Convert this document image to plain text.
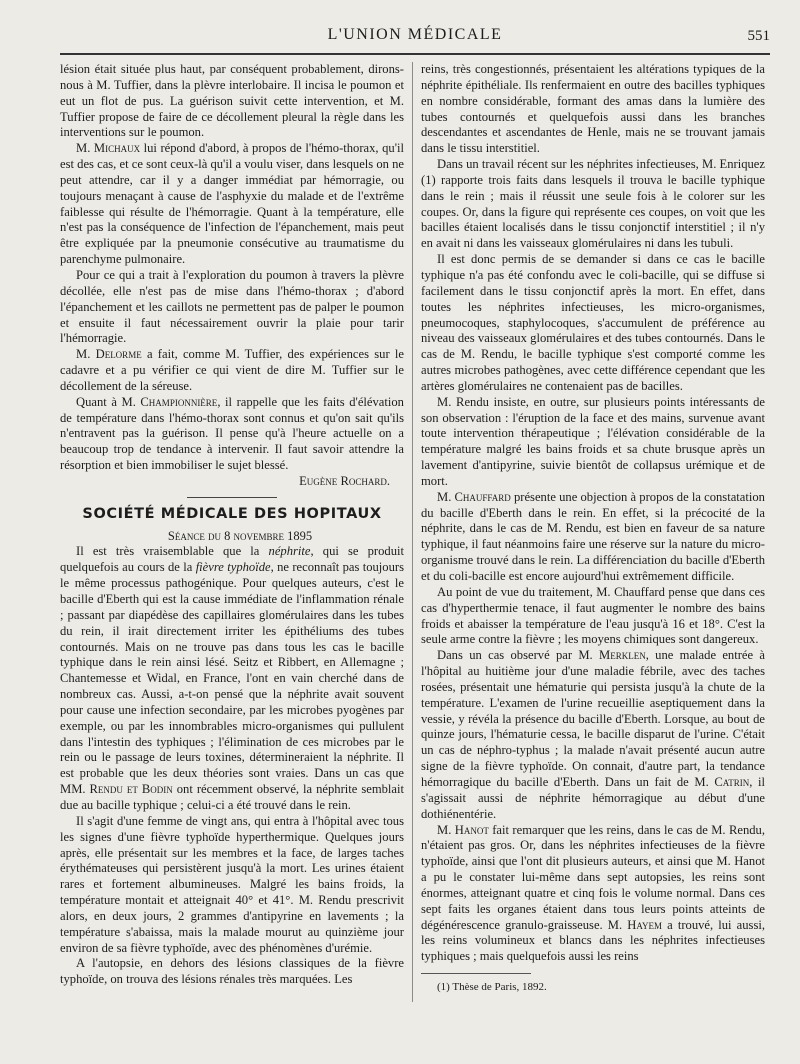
L'UNION MÉDICALE	551

lésion était située plus haut, par conséquent probablement, dirons-nous à M. Tuffier, dans la plèvre interlobaire. Il incisa le poumon et eut un flot de pus. La guérison suivit cette intervention, et M. Tuffier propose de faire de ce décollement pleural la règle dans les interventions sur le poumon.

M. Michaux lui répond d'abord, à propos de l'hémo-thorax, qu'il est des cas, et ce sont ceux-là qu'il a voulu viser, dans lesquels on ne peut attendre, car il y a danger immédiat par hémorragie, ou toujours menaçant à cause de l'asphyxie du malade et de l'extrême faiblesse qui résulte de l'hémorragie. Quant à la température, elle n'est pas la conséquence de l'infection de l'épanchement, mais peut être expliquée par la pneumonie consécutive au traumatisme du parenchyme pulmonaire.

Pour ce qui a trait à l'exploration du poumon à travers la plèvre décollée, elle n'est pas de mise dans l'hémo-thorax ; d'abord l'épanchement et les caillots ne permettent pas de palper le poumon et ensuite il faut nécessairement ouvrir la plaie pour tarir l'hémorragie.

M. Delorme a fait, comme M. Tuffier, des expériences sur le cadavre et a pu vérifier ce qui vient de dire M. Tuffier sur le décollement de la séreuse.

Quant à M. Championnière, il rappelle que les faits d'élévation de température dans l'hémo-thorax sont connus et qu'on sait qu'ils n'entravent pas la guérison. Il pense qu'à l'heure actuelle on a beaucoup trop de tendance à intervenir. Il faut savoir attendre la résorption et bien immobiliser le sujet blessé.
Eugène Rochard.

SOCIÉTÉ MÉDICALE DES HOPITAUX

Séance du 8 novembre 1895

Il est très vraisemblable que la néphrite, qui se produit quelquefois au cours de la fièvre typhoïde, ne reconnaît pas toujours le même processus pathogénique. Pour quelques auteurs, c'est le bacille d'Eberth qui est la cause immédiate de l'inflammation rénale ; passant par diapédèse des capillaires glomérulaires dans les tubes du rein, il irait directement irriter les épithéliums des tubes contournés. Mais on ne trouve pas dans tous les cas le bacille typhique dans le rein ainsi lésé. Seitz et Ribbert, en Allemagne ; Chantemesse et Widal, en France, l'ont en vain cherché dans de nombreux cas. Aussi, a-t-on pensé que la néphrite avait souvent pour cause une infection secondaire, par les microbes pyogènes par exemple, ou par les innombrables micro-organismes qui pullulent dans l'intestin des typhiques ; l'élimination de ces microbes par le rein ou le passage de leurs toxines, détermineraient la néphrite. Il est probable que les deux théories sont vraies. Dans un cas que MM. Rendu et Bodin ont récemment observé, la néphrite semblait due au bacille typhique ; celui-ci a été trouvé dans le rein.

Il s'agit d'une femme de vingt ans, qui entra à l'hôpital avec tous les signes d'une fièvre typhoïde hyperthermique. Quelques jours après, elle présentait sur les membres et la face, de larges taches érythémateuses qui persistèrent jusqu'à la mort. Les urines étaient rares et fortement albumineuses. Malgré les bains froids, la température montait et atteignait 40° et 41°. M. Rendu prescrivit alors, en deux jours, 2 grammes d'antipyrine en lavements ; la température s'abaissa, mais la malade mourut au quinzième jour environ de sa fièvre typhoïde, avec des phénomènes d'urémie.

A l'autopsie, en dehors des lésions classiques de la fièvre typhoïde, on trouva des lésions rénales très marquées. Les

reins, très congestionnés, présentaient les altérations typiques de la néphrite épithéliale. Ils renfermaient en outre des bacilles typhiques en nombre considérable, formant des amas dans la lumière des tubes contournés et quelquefois aussi dans les branches descendantes et ascendantes de Henle, mais ne se trouvant jamais dans le tissu interstitiel.

Dans un travail récent sur les néphrites infectieuses, M. Enriquez (1) rapporte trois faits dans lesquels il trouva le bacille typhique dans le rein ; mais il réussit une seule fois à le colorer sur les coupes. Or, dans la figure qui représente ces coupes, on voit que les bacilles étaient localisés dans le tissu conjonctif interstitiel ; il n'y en avait ni dans les vaisseaux glomérulaires ni dans les tubuli.

Il est donc permis de se demander si dans ce cas le bacille typhique n'a pas été confondu avec le coli-bacille, qui se diffuse si facilement dans le tissu conjonctif après la mort. En effet, dans toutes les néphrites infectieuses, les micro-organismes, pneumocoques, staphylocoques, s'accumulent de préférence au niveau des vaisseaux glomérulaires et des tubes contournés. Dans le cas de M. Rendu, le bacille typhique s'est comporté comme les autres microbes pathogènes, avec cette différence cependant que les artères glomérulaires ne contenaient pas de bacilles.

M. Rendu insiste, en outre, sur plusieurs points intéressants de son observation : l'éruption de la face et des mains, survenue avant toute intervention thérapeutique ; l'élévation considérable de la température malgré les bains froids et sa chute brusque après un lavement d'antipyrine, suivie bientôt de collapsus urémique et de mort.

M. Chauffard présente une objection à propos de la constatation du bacille d'Eberth dans le rein. En effet, si la précocité de la néphrite, dans le cas de M. Rendu, est bien en faveur de sa nature typhique, il faut néanmoins faire une réserve sur la nature du micro-organisme trouvé dans le rein. La différenciation du bacille d'Eberth et du coli-bacille est encore aujourd'hui extrêmement difficile.

Au point de vue du traitement, M. Chauffard pense que dans ces cas d'hyperthermie tenace, il faut augmenter le nombre des bains froids et abaisser la température de l'eau jusqu'à 16 et 18°. C'est la seule arme contre la fièvre ; les moyens chimiques sont dangereux.

Dans un cas observé par M. Merklen, une malade entrée à l'hôpital au huitième jour d'une maladie fébrile, avec des taches rosées, présentait une hématurie qui persista jusqu'à la chute de la température. L'examen de l'urine recueillie aseptiquement dans la vessie, y révéla la présence du bacille d'Eberth. Lorsque, au bout de quinze jours, l'hématurie cessa, le bacille disparut de l'urine. C'était un cas de néphro-typhus ; la malade n'avait présenté aucun autre signe de la fièvre typhoïde. On connait, d'autre part, la tendance hémorragique du bacille d'Eberth. Dans un fait de M. Catrin, il s'agissait aussi de néphrite hémorragique au début d'une dothiénentérie.

M. Hanot fait remarquer que les reins, dans le cas de M. Rendu, n'étaient pas gros. Or, dans les néphrites infectieuses de la fièvre typhoïde, ainsi que l'ont dit plusieurs auteurs, et ainsi que M. Hanot a pu le constater lui-même dans sept autopsies, les reins sont énormes, atteignant quatre et cinq fois le volume normal. Dans ces sept faits les organes étaient dans tous leurs points atteints de dégénérescence granulo-graisseuse. M. Hayem a trouvé, lui aussi, les reins volumineux et blancs dans les néphrites infectieuses typhiques ; mais quelquefois aussi les reins

(1) Thèse de Paris, 1892.
